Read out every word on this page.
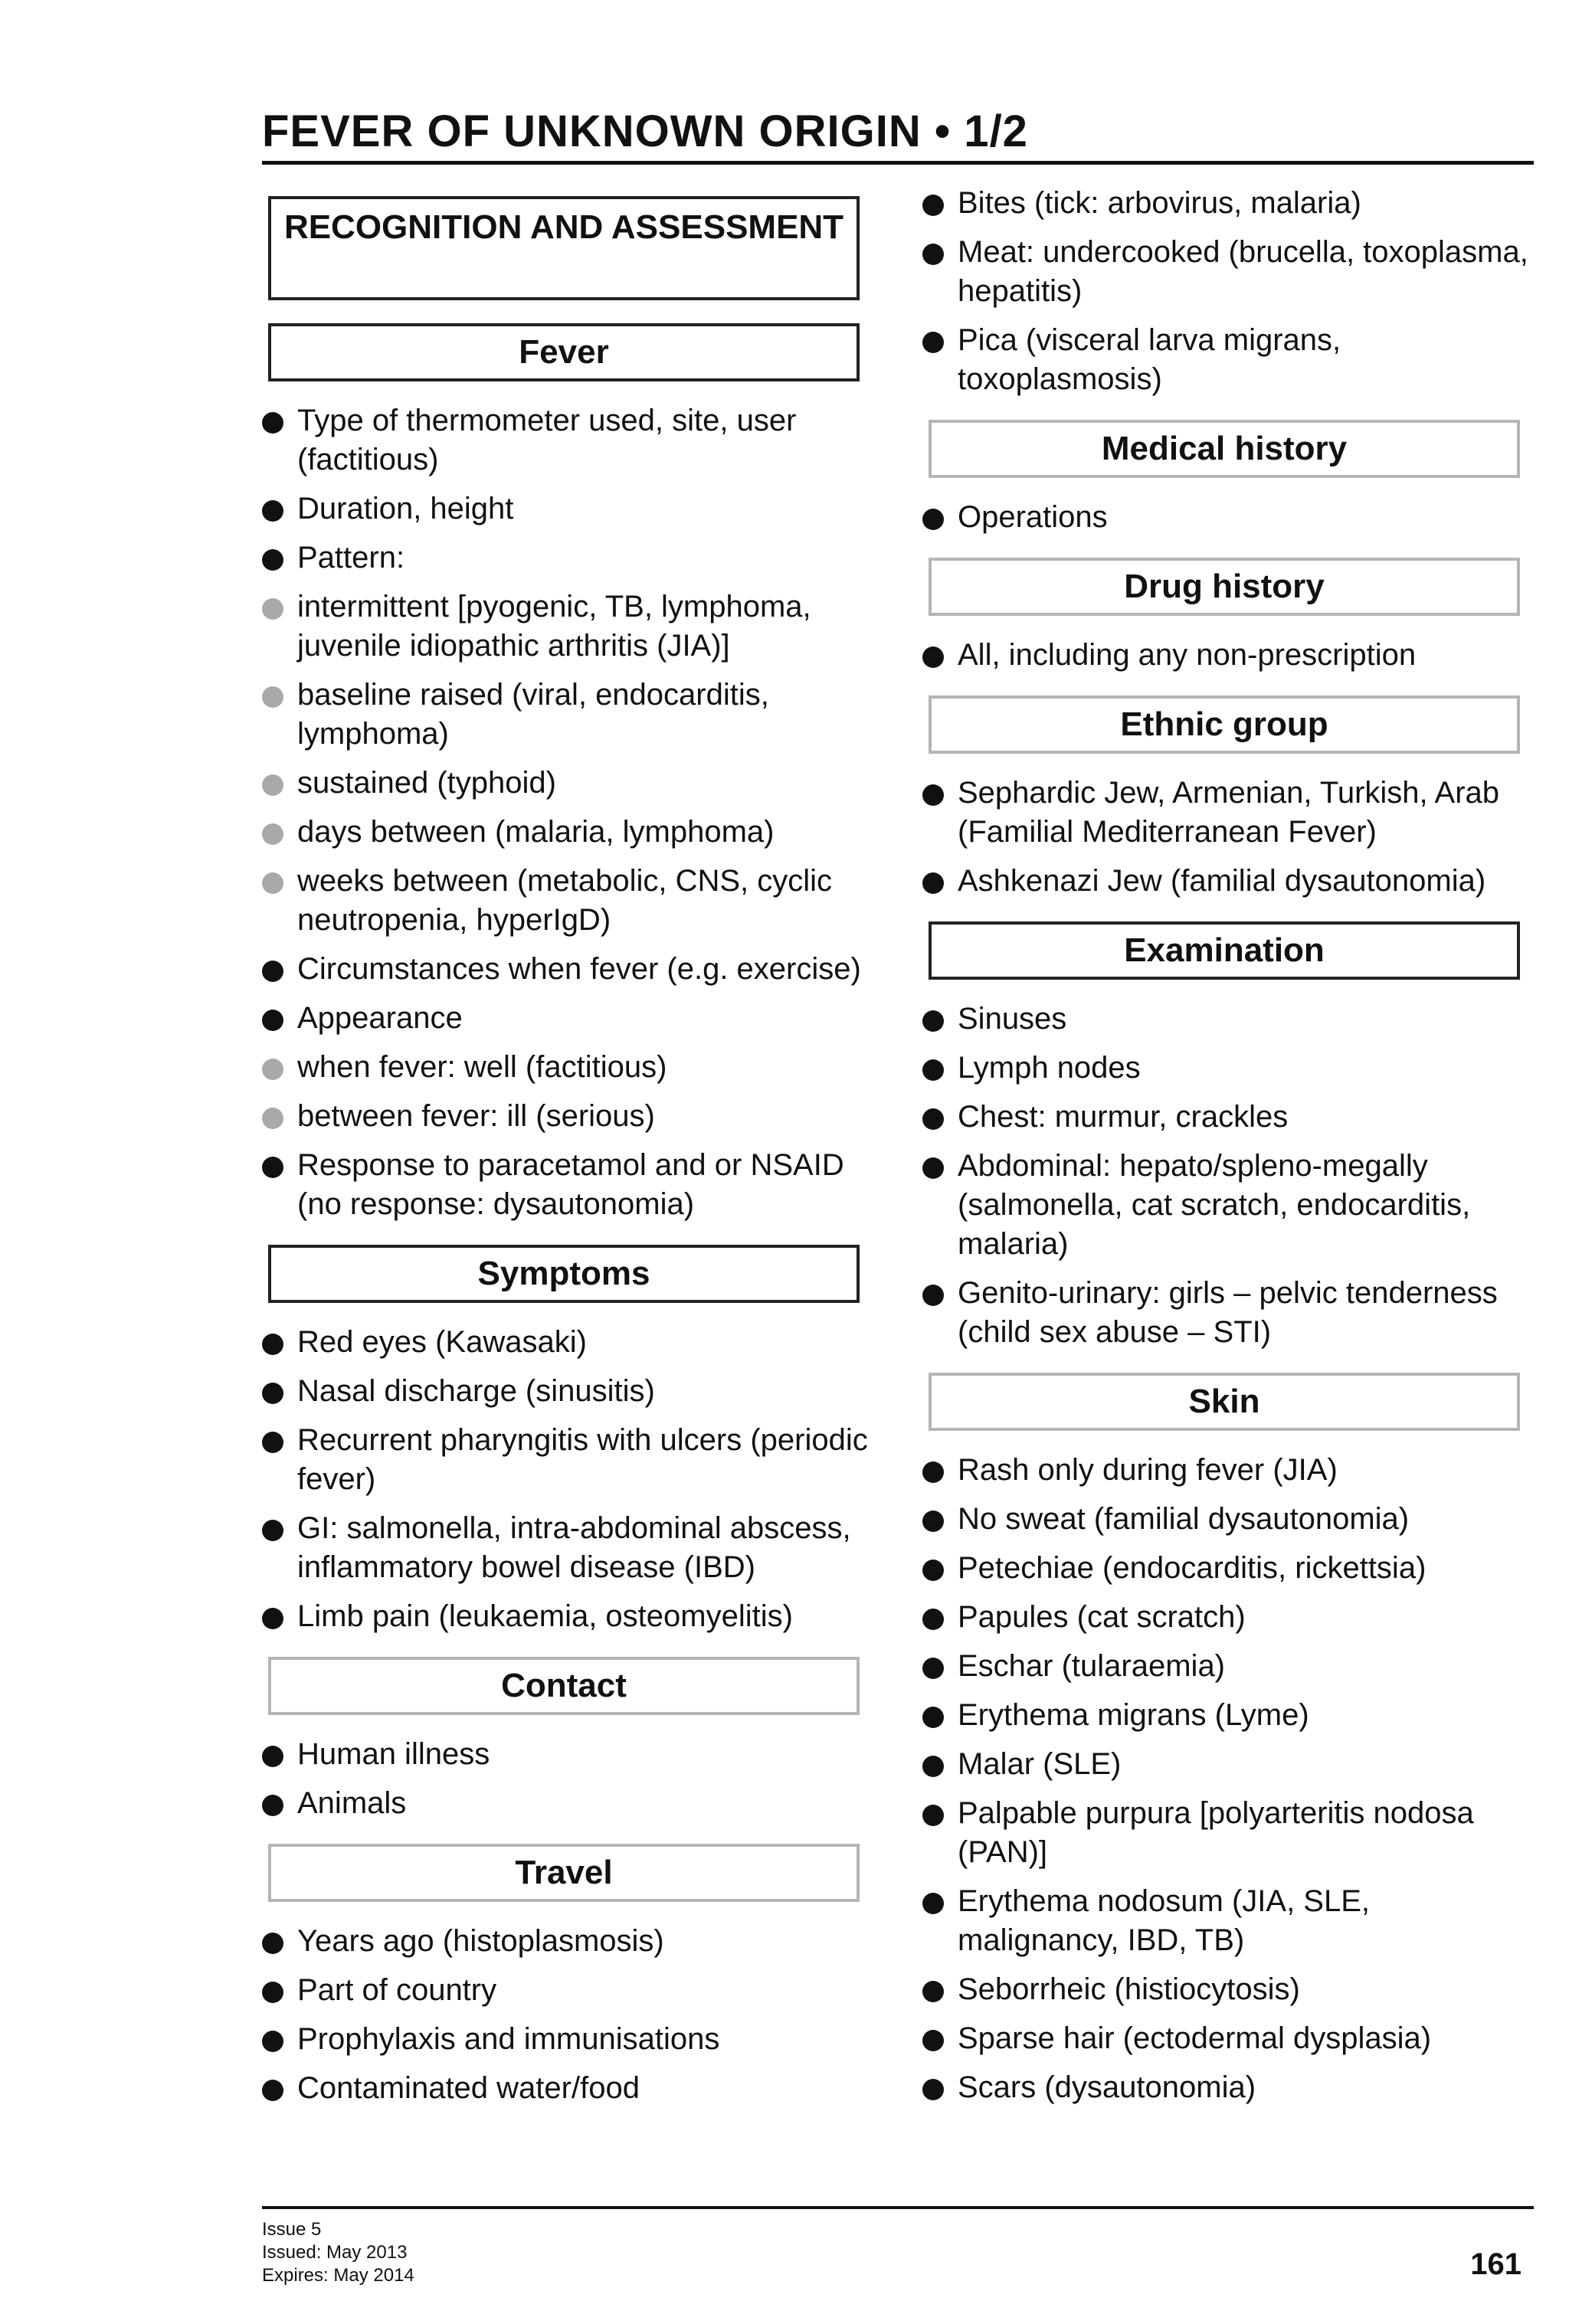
FEVER OF UNKNOWN ORIGIN • 1/2
RECOGNITION AND ASSESSMENT
Fever
Type of thermometer used, site, user (factitious)
Duration, height
Pattern:
intermittent [pyogenic, TB, lymphoma, juvenile idiopathic arthritis (JIA)]
baseline raised (viral, endocarditis, lymphoma)
sustained (typhoid)
days between (malaria, lymphoma)
weeks between (metabolic, CNS, cyclic neutropenia, hyperIgD)
Circumstances when fever (e.g. exercise)
Appearance
when fever: well (factitious)
between fever: ill (serious)
Response to paracetamol and or NSAID (no response: dysautonomia)
Symptoms
Red eyes (Kawasaki)
Nasal discharge (sinusitis)
Recurrent pharyngitis with ulcers (periodic fever)
GI: salmonella, intra-abdominal abscess, inflammatory bowel disease (IBD)
Limb pain (leukaemia, osteomyelitis)
Contact
Human illness
Animals
Travel
Years ago (histoplasmosis)
Part of country
Prophylaxis and immunisations
Contaminated water/food
Bites (tick: arbovirus, malaria)
Meat: undercooked (brucella, toxoplasma, hepatitis)
Pica (visceral larva migrans, toxoplasmosis)
Medical history
Operations
Drug history
All, including any non-prescription
Ethnic group
Sephardic Jew, Armenian, Turkish, Arab (Familial Mediterranean Fever)
Ashkenazi Jew (familial dysautonomia)
Examination
Sinuses
Lymph nodes
Chest: murmur, crackles
Abdominal: hepato/spleno-megally (salmonella, cat scratch, endocarditis, malaria)
Genito-urinary: girls – pelvic tenderness (child sex abuse – STI)
Skin
Rash only during fever (JIA)
No sweat (familial dysautonomia)
Petechiae (endocarditis, rickettsia)
Papules (cat scratch)
Eschar (tularaemia)
Erythema migrans (Lyme)
Malar (SLE)
Palpable purpura [polyarteritis nodosa (PAN)]
Erythema nodosum (JIA, SLE, malignancy, IBD, TB)
Seborrheic (histiocytosis)
Sparse hair (ectodermal dysplasia)
Scars (dysautonomia)
Issue 5
Issued: May 2013
Expires: May 2014	161
